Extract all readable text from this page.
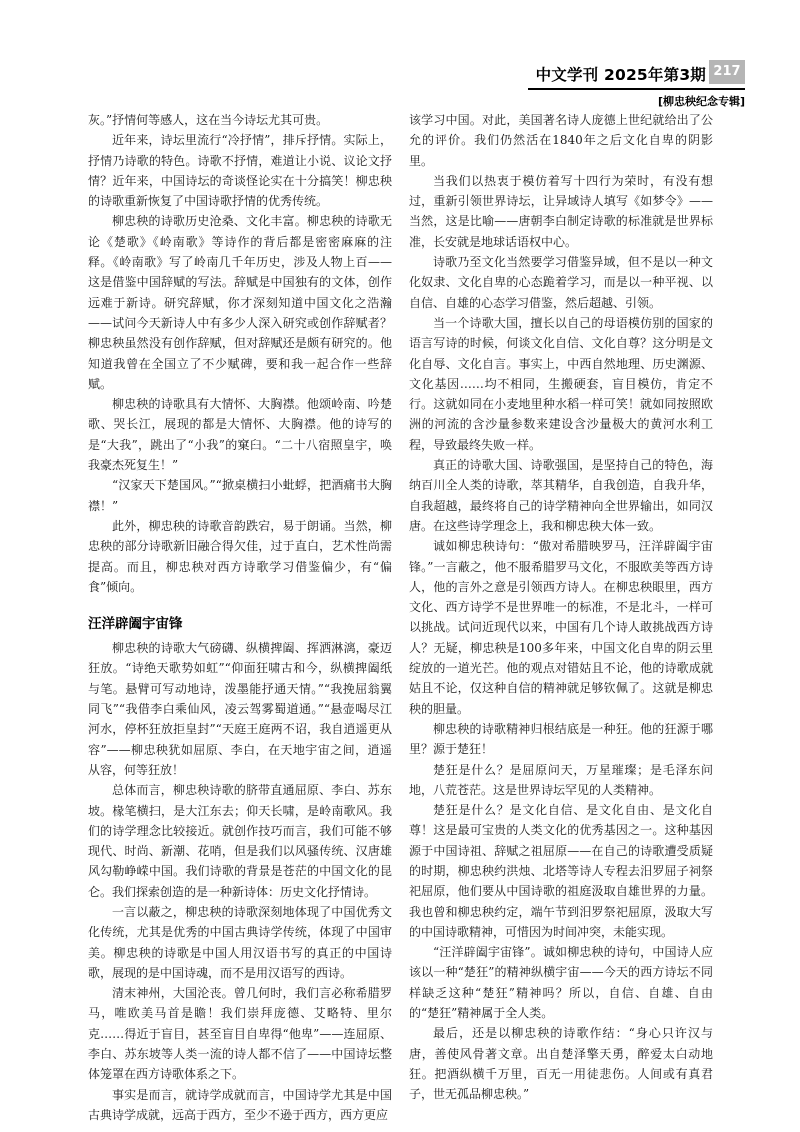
中文学刊 2025年第3期 217
[柳忠秧纪念专辑]

灰。”抒情何等感人，这在当今诗坛尤其可贵。

近年来，诗坛里流行“冷抒情”，排斥抒情。实际上，抒情乃诗歌的特色。诗歌不抒情，难道让小说、议论文抒情？近年来，中国诗坛的奇谈怪论实在十分搞笑！柳忠秧的诗歌重新恢复了中国诗歌抒情的优秀传统。

柳忠秧的诗歌历史沧桑、文化丰富。柳忠秧的诗歌无论《楚歌》《岭南歌》等诗作的背后都是密密麻麻的注释。《岭南歌》写了岭南几千年历史，涉及人物上百——这是借鉴中国辞赋的写法。辞赋是中国独有的文体，创作远难于新诗。研究辞赋，你才深刻知道中国文化之浩瀚——试问今天新诗人中有多少人深入研究或创作辞赋者？柳忠秧虽然没有创作辞赋，但对辞赋还是颇有研究的。他知道我曾在全国立了不少赋碑，要和我一起合作一些辞赋。

柳忠秧的诗歌具有大情怀、大胸襟。他颂岭南、吟楚歌、哭长江，展现的都是大情怀、大胸襟。他的诗写的是“大我”，跳出了“小我”的窠臼。“二十八宿照皇宇，唤我豪杰死复生！”

“汉家天下楚国风。”“掀桌横扫小蚍蜉，把酒痛书大胸襟！”

此外，柳忠秧的诗歌音韵跌宕，易于朗诵。当然，柳忠秧的部分诗歌新旧融合得欠佳，过于直白，艺术性尚需提高。而且，柳忠秧对西方诗歌学习借鉴偏少，有“偏食”倾向。

汪洋辟阖宇宙锋

柳忠秧的诗歌大气磅礴、纵横捭阖、挥洒淋漓，豪迈狂放。“诗绝天歌势如虹”“仰面狂啸古和今，纵横捭阖纸与笔。悬臂可写动地诗，泼墨能抒通天情。”“我挽屈翁翼同飞”“我借李白乘仙风，凌云驾雾蜀道通。”“悬壶喝尽江河水，停杯狂放拒皇封”“天庭王庭两不诏，我自逍遥更从容”——柳忠秧犹如屈原、李白，在天地宇宙之间，逍遥从容，何等狂放！

总体而言，柳忠秧诗歌的脐带直通屈原、李白、苏东坡。椽笔横扫，是大江东去；仰天长啸，是岭南歌风。我们的诗学理念比较接近。就创作技巧而言，我们可能不够现代、时尚、新潮、花哨，但是我们以风骚传统、汉唐雄风勾勒峥嵘中国。我们诗歌的背景是苍茫的中国文化的昆仑。我们探索创造的是一种新诗体：历史文化抒情诗。

一言以蔽之，柳忠秧的诗歌深刻地体现了中国优秀文化传统，尤其是优秀的中国古典诗学传统，体现了中国审美。柳忠秧的诗歌是中国人用汉语书写的真正的中国诗歌，展现的是中国诗魂，而不是用汉语写的西诗。

清末神州，大国沦丧。曾几何时，我们言必称希腊罗马，唯欧美马首是瞻！我们崇拜庞德、艾略特、里尔克……得近于盲目，甚至盲目自卑得“他卑”——连屈原、李白、苏东坡等人类一流的诗人都不信了——中国诗坛整体笼罩在西方诗歌体系之下。

事实是而言，就诗学成就而言，中国诗学尤其是中国古典诗学成就，远高于西方，至少不逊于西方，西方更应

该学习中国。对此，美国著名诗人庞德上世纪就给出了公允的评价。我们仍然活在1840年之后文化自卑的阴影里。

当我们以热衷于模仿着写十四行为荣时，有没有想过，重新引领世界诗坛，让异域诗人填写《如梦令》——当然，这是比喻——唐朝李白制定诗歌的标准就是世界标准，长安就是地球话语权中心。

诗歌乃至文化当然要学习借鉴异域，但不是以一种文化奴隶、文化自卑的心态跪着学习，而是以一种平视、以自信、自雄的心态学习借鉴，然后超越、引领。

当一个诗歌大国，擅长以自己的母语模仿别的国家的语言写诗的时候，何谈文化自信、文化自尊？这分明是文化自辱、文化自言。事实上，中西自然地理、历史渊源、文化基因……均不相同，生搬硬套，盲目模仿，肯定不行。这就如同在小麦地里种水稻一样可笑！就如同按照欧洲的河流的含沙量参数来建设含沙量极大的黄河水利工程，导致最终失败一样。

真正的诗歌大国、诗歌强国，是坚持自己的特色，海纳百川全人类的诗歌，萃其精华，自我创造，自我升华，自我超越，最终将自己的诗学精神向全世界输出，如同汉唐。在这些诗学理念上，我和柳忠秧大体一致。

诚如柳忠秧诗句：“傲对希腊映罗马，汪洋辟阖宇宙锋。”一言蔽之，他不服希腊罗马文化，不服欧美等西方诗人，他的言外之意是引领西方诗人。在柳忠秧眼里，西方文化、西方诗学不是世界唯一的标准，不是北斗，一样可以挑战。试问近现代以来，中国有几个诗人敢挑战西方诗人？无疑，柳忠秧是100多年来，中国文化自卑的阴云里绽放的一道光芒。他的观点对错姑且不论，他的诗歌成就姑且不论，仅这种自信的精神就足够钦佩了。这就是柳忠秧的胆量。

柳忠秧的诗歌精神归根结底是一种狂。他的狂源于哪里？源于楚狂！

楚狂是什么？是屈原问天，万星璀璨；是毛泽东问地，八荒苍茫。这是世界诗坛罕见的人类精神。

楚狂是什么？是文化自信、是文化自由、是文化自尊！这是最可宝贵的人类文化的优秀基因之一。这种基因源于中国诗祖、辞赋之祖屈原——在自己的诗歌遭受质疑的时期，柳忠秧约洪烛、北塔等诗人专程去汨罗屈子祠祭祀屈原，他们要从中国诗歌的祖庭汲取自雄世界的力量。我也曾和柳忠秧约定，端午节到汨罗祭祀屈原，汲取大写的中国诗歌精神，可惜因为时间冲突，未能实现。

“汪洋辟阖宇宙锋”。诚如柳忠秧的诗句，中国诗人应该以一种“楚狂”的精神纵横宇宙——今天的西方诗坛不同样缺乏这种“楚狂”精神吗？所以，自信、自雄、自由的“楚狂”精神属于全人类。

最后，还是以柳忠秧的诗歌作结：“身心只许汉与唐，善使风骨著文章。出自楚泽擎天勇，醉爱太白动地狂。把酒纵横千万里，百无一用徒悲伤。人间或有真君子，世无孤品柳忠秧。”
